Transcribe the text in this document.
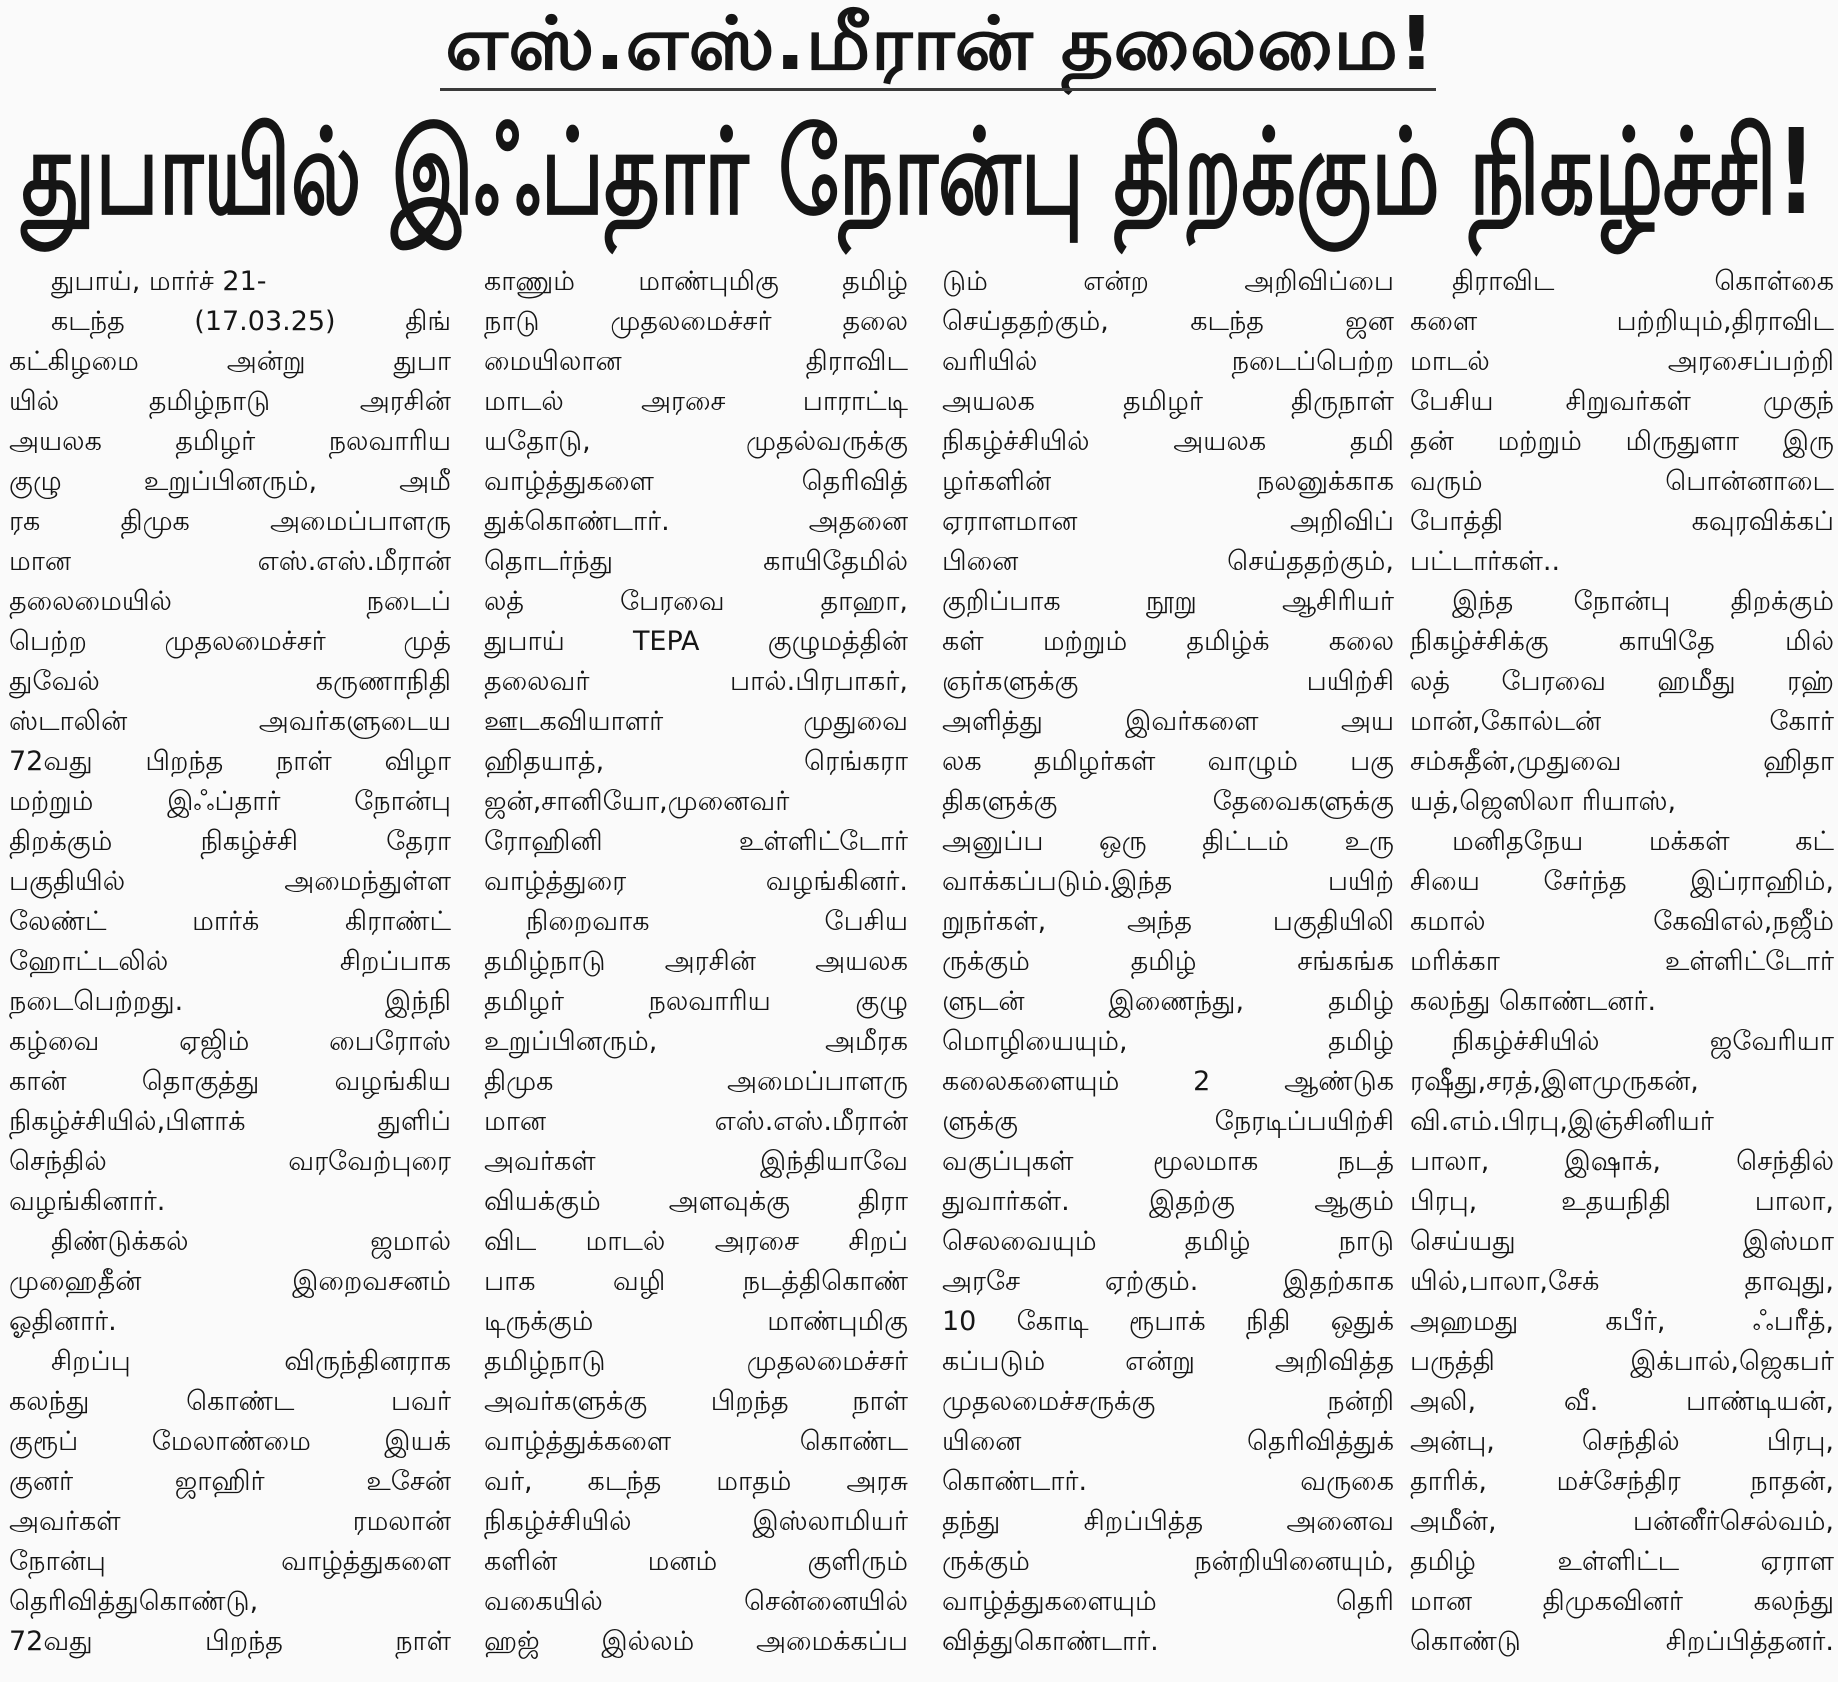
எஸ்.எஸ்.மீரான் தலைமை!
துபாயில் இஃப்தார் நோன்பு திறக்கும் நிகழ்ச்சி!
துபாய், மார்ச் 21-
கடந்த (17.03.25) திங்
கட்கிழமை அன்று துபா
யில் தமிழ்நாடு அரசின்
அயலக தமிழர் நலவாரிய
குழு உறுப்பினரும், அமீ
ரக திமுக அமைப்பாளரு
மான எஸ்.எஸ்.மீரான்
தலைமையில் நடைப்
பெற்ற முதலமைச்சர் முத்
துவேல் கருணாநிதி
ஸ்டாலின் அவர்களுடைய
72வது பிறந்த நாள் விழா
மற்றும் இஃப்தார் நோன்பு
திறக்கும் நிகழ்ச்சி தேரா
பகுதியில் அமைந்துள்ள
லேண்ட் மார்க் கிராண்ட்
ஹோட்டலில் சிறப்பாக
நடைபெற்றது. இந்நி
கழ்வை ஏஜிம் பைரோஸ்
கான் தொகுத்து வழங்கிய
நிகழ்ச்சியில்,பிளாக் துளிப்
செந்தில் வரவேற்புரை
வழங்கினார்.
திண்டுக்கல் ஜமால்
முஹைதீன் இறைவசனம்
ஓதினார்.
சிறப்பு விருந்தினராக
கலந்து கொண்ட பவர்
குரூப் மேலாண்மை இயக்
குனர் ஜாஹிர் உசேன்
அவர்கள் ரமலான்
நோன்பு வாழ்த்துகளை
தெரிவித்துகொண்டு,
72வது பிறந்த நாள்
காணும் மாண்புமிகு தமிழ்
நாடு முதலமைச்சர் தலை
மையிலான திராவிட
மாடல் அரசை பாராட்டி
யதோடு, முதல்வருக்கு
வாழ்த்துகளை தெரிவித்
துக்கொண்டார். அதனை
தொடர்ந்து காயிதேமில்
லத் பேரவை தாஹா,
துபாய் TEPA குழுமத்தின்
தலைவர் பால்.பிரபாகர்,
ஊடகவியாளர் முதுவை
ஹிதயாத், ரெங்கரா
ஜன்,சானியோ,முனைவர்
ரோஹினி உள்ளிட்டோர்
வாழ்த்துரை வழங்கினர்.
நிறைவாக பேசிய
தமிழ்நாடு அரசின் அயலக
தமிழர் நலவாரிய குழு
உறுப்பினரும், அமீரக
திமுக அமைப்பாளரு
மான எஸ்.எஸ்.மீரான்
அவர்கள் இந்தியாவே
வியக்கும் அளவுக்கு திரா
விட மாடல் அரசை சிறப்
பாக வழி நடத்திகொண்
டிருக்கும் மாண்புமிகு
தமிழ்நாடு முதலமைச்சர்
அவர்களுக்கு பிறந்த நாள்
வாழ்த்துக்களை கொண்ட
வர், கடந்த மாதம் அரசு
நிகழ்ச்சியில் இஸ்லாமியர்
களின் மனம் குளிரும்
வகையில் சென்னையில்
ஹஜ் இல்லம் அமைக்கப்ப
டும் என்ற அறிவிப்பை
செய்ததற்கும், கடந்த ஜன
வரியில் நடைப்பெற்ற
அயலக தமிழர் திருநாள்
நிகழ்ச்சியில் அயலக தமி
ழர்களின் நலனுக்காக
ஏராளமான அறிவிப்
பினை செய்ததற்கும்,
குறிப்பாக நூறு ஆசிரியர்
கள் மற்றும் தமிழ்க் கலை
ஞர்களுக்கு பயிற்சி
அளித்து இவர்களை அய
லக தமிழர்கள் வாழும் பகு
திகளுக்கு தேவைகளுக்கு
அனுப்ப ஒரு திட்டம் உரு
வாக்கப்படும்.இந்த பயிற்
றுநர்கள், அந்த பகுதியிலி
ருக்கும் தமிழ் சங்கங்க
ளுடன் இணைந்து, தமிழ்
மொழியையும், தமிழ்
கலைகளையும் 2 ஆண்டுக
ளுக்கு நேரடிப்பயிற்சி
வகுப்புகள் மூலமாக நடத்
துவார்கள். இதற்கு ஆகும்
செலவையும் தமிழ் நாடு
அரசே ஏற்கும். இதற்காக
10 கோடி ரூபாக் நிதி ஒதுக்
கப்படும் என்று அறிவித்த
முதலமைச்சருக்கு நன்றி
யினை தெரிவித்துக்
கொண்டார். வருகை
தந்து சிறப்பித்த அனைவ
ருக்கும் நன்றியினையும்,
வாழ்த்துகளையும் தெரி
வித்துகொண்டார்.
திராவிட கொள்கை
களை பற்றியும்,திராவிட
மாடல் அரசைப்பற்றி
பேசிய சிறுவர்கள் முகுந்
தன் மற்றும் மிருதுளா இரு
வரும் பொன்னாடை
போத்தி கவுரவிக்கப்
பட்டார்கள்..
இந்த நோன்பு திறக்கும்
நிகழ்ச்சிக்கு காயிதே மில்
லத் பேரவை ஹமீது ரஹ்
மான்,கோல்டன் கோர்
சம்சுதீன்,முதுவை ஹிதா
யத்,ஜெஸிலா ரியாஸ்,
மனிதநேய மக்கள் கட்
சியை சேர்ந்த இப்ராஹிம்,
கமால் கேவிஎல்,நஜீம்
மரிக்கா உள்ளிட்டோர்
கலந்து கொண்டனர்.
நிகழ்ச்சியில் ஜவேரியா
ரஷீது,சரத்,இளமுருகன்,
வி.எம்.பிரபு,இஞ்சினியர்
பாலா, இஷாக், செந்தில்
பிரபு, உதயநிதி பாலா,
செய்யது இஸ்மா
யில்,பாலா,சேக் தாவுது,
அஹமது கபீர், ஃபரீத்,
பருத்தி இக்பால்,ஜெகபர்
அலி, வீ. பாண்டியன்,
அன்பு, செந்தில் பிரபு,
தாரிக், மச்சேந்திர நாதன்,
அமீன், பன்னீர்செல்வம்,
தமிழ் உள்ளிட்ட ஏராள
மான திமுகவினர் கலந்து
கொண்டு சிறப்பித்தனர்.
